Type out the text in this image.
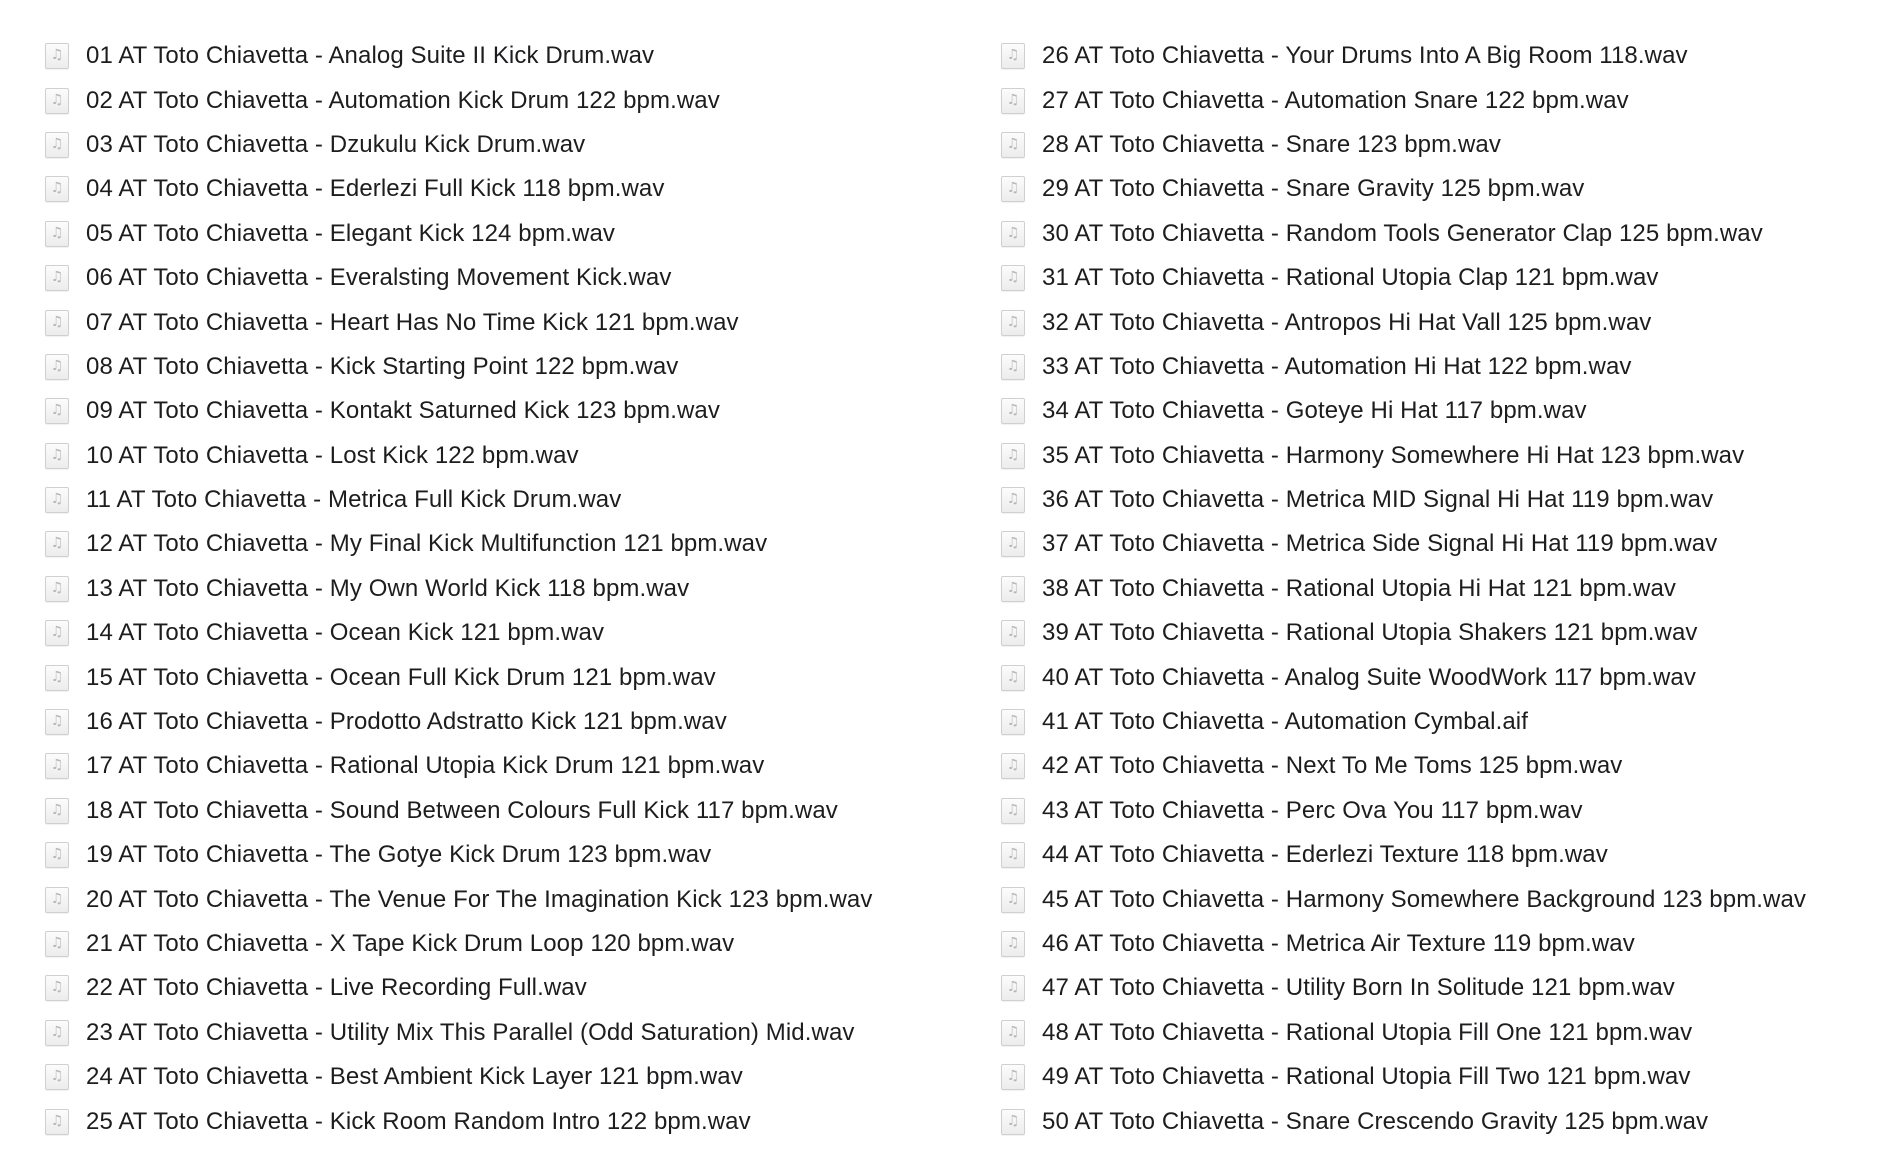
♫ 01 AT Toto Chiavetta - Analog Suite II Kick Drum.wav
♫ 02 AT Toto Chiavetta - Automation Kick Drum 122 bpm.wav
♫ 03 AT Toto Chiavetta - Dzukulu Kick Drum.wav
♫ 04 AT Toto Chiavetta - Ederlezi Full Kick 118 bpm.wav
♫ 05 AT Toto Chiavetta - Elegant Kick 124 bpm.wav
♫ 06 AT Toto Chiavetta - Everalsting Movement Kick.wav
♫ 07 AT Toto Chiavetta - Heart Has No Time Kick 121 bpm.wav
♫ 08 AT Toto Chiavetta - Kick Starting Point 122 bpm.wav
♫ 09 AT Toto Chiavetta - Kontakt Saturned Kick 123 bpm.wav
♫ 10 AT Toto Chiavetta - Lost Kick 122 bpm.wav
♫ 11 AT Toto Chiavetta - Metrica Full Kick Drum.wav
♫ 12 AT Toto Chiavetta - My Final Kick Multifunction 121 bpm.wav
♫ 13 AT Toto Chiavetta - My Own World Kick 118 bpm.wav
♫ 14 AT Toto Chiavetta - Ocean Kick 121 bpm.wav
♫ 15 AT Toto Chiavetta - Ocean Full Kick Drum 121 bpm.wav
♫ 16 AT Toto Chiavetta - Prodotto Adstratto Kick 121 bpm.wav
♫ 17 AT Toto Chiavetta - Rational Utopia Kick Drum 121 bpm.wav
♫ 18 AT Toto Chiavetta - Sound Between Colours Full Kick 117 bpm.wav
♫ 19 AT Toto Chiavetta - The Gotye Kick Drum 123 bpm.wav
♫ 20 AT Toto Chiavetta - The Venue For The Imagination Kick 123 bpm.wav
♫ 21 AT Toto Chiavetta - X Tape Kick Drum Loop 120 bpm.wav
♫ 22 AT Toto Chiavetta - Live Recording Full.wav
♫ 23 AT Toto Chiavetta - Utility Mix This Parallel (Odd Saturation) Mid.wav
♫ 24 AT Toto Chiavetta - Best Ambient Kick Layer 121 bpm.wav
♫ 25 AT Toto Chiavetta - Kick Room Random Intro 122 bpm.wav
♫ 26 AT Toto Chiavetta - Your Drums Into A Big Room 118.wav
♫ 27 AT Toto Chiavetta - Automation Snare 122 bpm.wav
♫ 28 AT Toto Chiavetta - Snare 123 bpm.wav
♫ 29 AT Toto Chiavetta - Snare Gravity 125 bpm.wav
♫ 30 AT Toto Chiavetta - Random Tools Generator Clap 125 bpm.wav
♫ 31 AT Toto Chiavetta - Rational Utopia Clap 121 bpm.wav
♫ 32 AT Toto Chiavetta - Antropos Hi Hat Vall 125 bpm.wav
♫ 33 AT Toto Chiavetta - Automation Hi Hat 122 bpm.wav
♫ 34 AT Toto Chiavetta - Goteye Hi Hat 117 bpm.wav
♫ 35 AT Toto Chiavetta - Harmony Somewhere Hi Hat 123 bpm.wav
♫ 36 AT Toto Chiavetta - Metrica MID Signal Hi Hat 119 bpm.wav
♫ 37 AT Toto Chiavetta - Metrica Side Signal Hi Hat 119 bpm.wav
♫ 38 AT Toto Chiavetta - Rational Utopia Hi Hat 121 bpm.wav
♫ 39 AT Toto Chiavetta - Rational Utopia Shakers 121 bpm.wav
♫ 40 AT Toto Chiavetta - Analog Suite WoodWork 117 bpm.wav
♫ 41 AT Toto Chiavetta - Automation Cymbal.aif
♫ 42 AT Toto Chiavetta - Next To Me Toms 125 bpm.wav
♫ 43 AT Toto Chiavetta - Perc Ova You 117 bpm.wav
♫ 44 AT Toto Chiavetta - Ederlezi Texture 118 bpm.wav
♫ 45 AT Toto Chiavetta - Harmony Somewhere Background 123 bpm.wav
♫ 46 AT Toto Chiavetta - Metrica Air Texture 119 bpm.wav
♫ 47 AT Toto Chiavetta - Utility Born In Solitude 121 bpm.wav
♫ 48 AT Toto Chiavetta - Rational Utopia Fill One 121 bpm.wav
♫ 49 AT Toto Chiavetta - Rational Utopia Fill Two 121 bpm.wav
♫ 50 AT Toto Chiavetta - Snare Crescendo Gravity 125 bpm.wav
